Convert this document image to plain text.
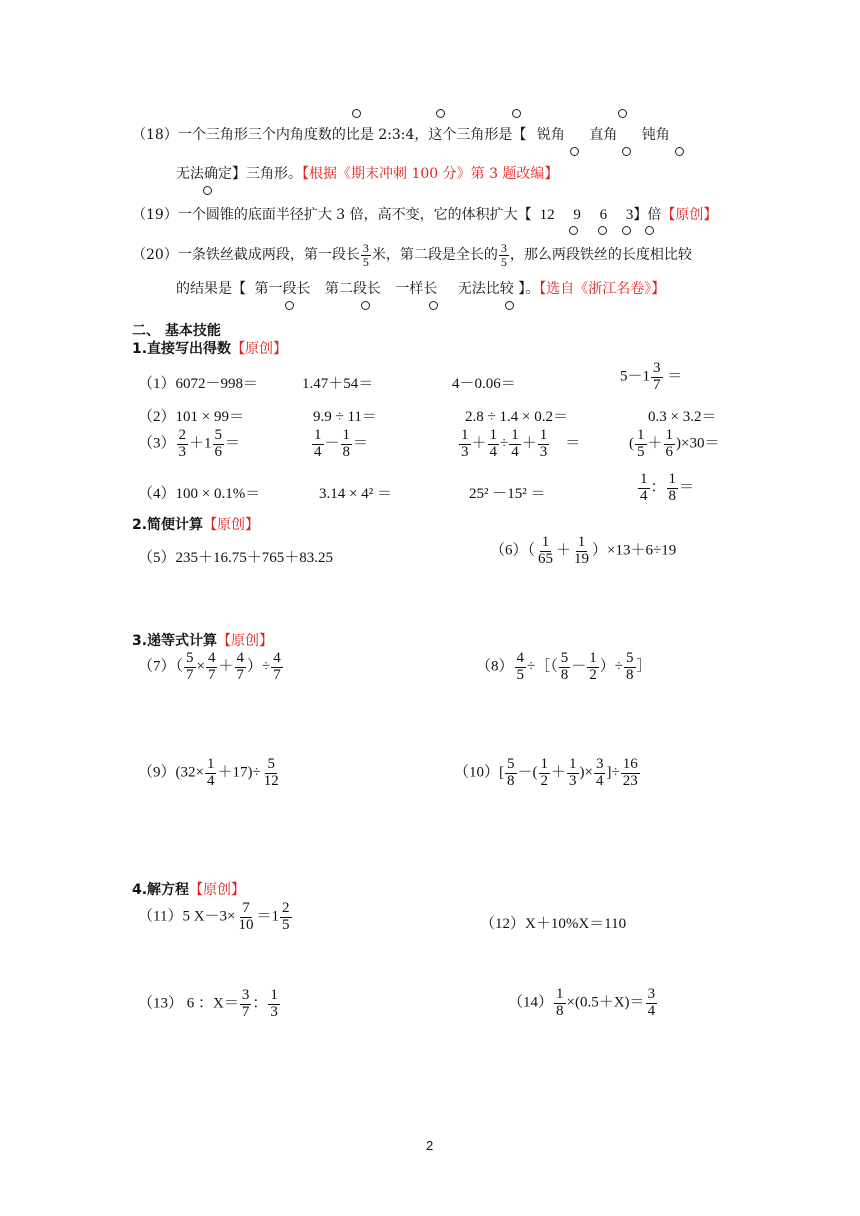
（18）一个三角形三个内角度数的比是 2:3:4，这个三角形是【 锐角 直角 钝角
无法确定】三角形。【根据《期末冲刺 100 分》第 3 题改编】
（19）一个圆锥的底面半径扩大 3 倍，高不变，它的体积扩大【 12　 9　 6　 3】倍【原创】
（20）一条铁丝截成两段，第一段长 $\frac{3}{5}$ 米，第二段是全长的 $\frac{3}{5}$ ，那么两段铁丝的长度相比较
的结果是【 第一段长 第二段长 一样长 无法比较 】。【选自《浙江名卷》】
二、 基本技能
1.直接写出得数【原创】
（1）6072－998＝	1.47＋54＝	4－0.06＝	$5-1 \frac{3}{7}$ ＝
（2）101 × 99＝	9.9 ÷ 11＝	2.8 ÷ 1.4 × 0.2＝	0.3 × 3.2＝
$(3) \frac{2}{3} +1 \frac{5}{6}$ ＝	$\frac{1}{4} - \frac{1}{8}$ ＝	$\frac{1}{3} + \frac{1}{4} \div \frac{1}{4} + \frac{1}{3}$ 　＝	( $\frac{1}{5} + \frac{1}{6} )\times 30=$
（4）100 × 0.1%＝	3.14 × 4² ＝	25² －15² ＝	$\frac{1}{4}$ ： $\frac{1}{8}$ ＝
2.简便计算【原创】
（5）235＋16.75＋765＋83.25	$(6)( \frac{1}{65} + \frac{1}{19} )\times 13+6\div 19$
3.递等式计算【原创】
$(7)( \frac{5}{7} \times \frac{4}{7} + \frac{4}{7}$ ）÷ $\frac{4}{7}$	$(8) \frac{4}{5}$ ÷［（ $\frac{5}{8} - \frac{1}{2}$ ）÷ $\frac{5}{8}$ ］
$(9)(32\times \frac{1}{4} +17)\div \frac{5}{12}$	$(10)[ \frac{5}{8}$ －( $\frac{1}{2} + \frac{1}{3}$ )× $\frac{3}{4}$ ]÷ $\frac{16}{23}$
4.解方程【原创】
（11）5 $X-3\times \frac{7}{10} =1 \frac{2}{5}$	（12）X＋10%X＝110
（13） 6 ：$X= \frac{3}{7}$ ： $\frac{1}{3}$	$(14) \frac{1}{8} \times(0.5+X)= \frac{3}{4}$
2
